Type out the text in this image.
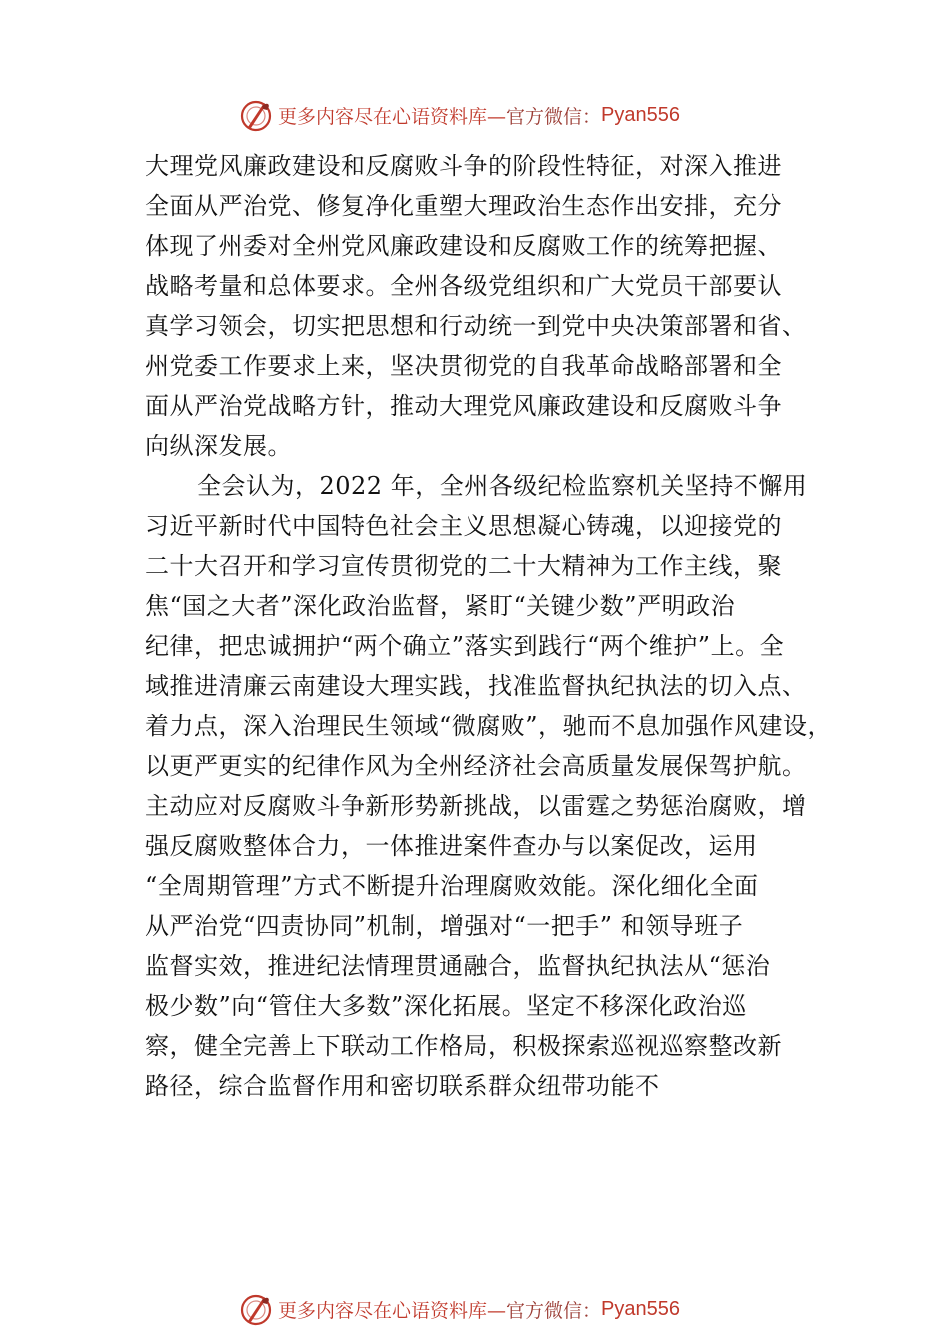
更多内容尽在心语资料库— 官方微信： Pyan556
大理党风廉政建设和反腐败斗争的阶段性特征，对深入推进
全面从严治党、修复净化重塑大理政治生态作出安排，充分
体现了州委对全州党风廉政建设和反腐败工作的统筹把握、
战略考量和总体要求。全州各级党组织和广大党员干部要认
真学习领会，切实把思想和行动统一到党中央决策部署和省、
州党委工作要求上来，坚决贯彻党的自我革命战略部署和全
面从严治党战略方针，推动大理党风廉政建设和反腐败斗争
向纵深发展。
全会认为，2022 年，全州各级纪检监察机关坚持不懈用
习近平新时代中国特色社会主义思想凝心铸魂，以迎接党的
二十大召开和学习宣传贯彻党的二十大精神为工作主线，聚
焦“国之大者”深化政治监督，紧盯“关键少数”严明政治
纪律，把忠诚拥护“两个确立”落实到践行“两个维护”上。全
域推进清廉云南建设大理实践，找准监督执纪执法的切入点、
着力点，深入治理民生领域“微腐败”，驰而不息加强作风建设，
以更严更实的纪律作风为全州经济社会高质量发展保驾护航。
主动应对反腐败斗争新形势新挑战，以雷霆之势惩治腐败，增
强反腐败整体合力，一体推进案件查办与以案促改，运用
“全周期管理”方式不断提升治理腐败效能。深化细化全面
从严治党“四责协同”机制，增强对“一把手” 和领导班子
监督实效，推进纪法情理贯通融合，监督执纪执法从“惩治
极少数”向“管住大多数”深化拓展。坚定不移深化政治巡
察，健全完善上下联动工作格局，积极探索巡视巡察整改新
路径，综合监督作用和密切联系群众纽带功能不
更多内容尽在心语资料库— 官方微信： Pyan556
